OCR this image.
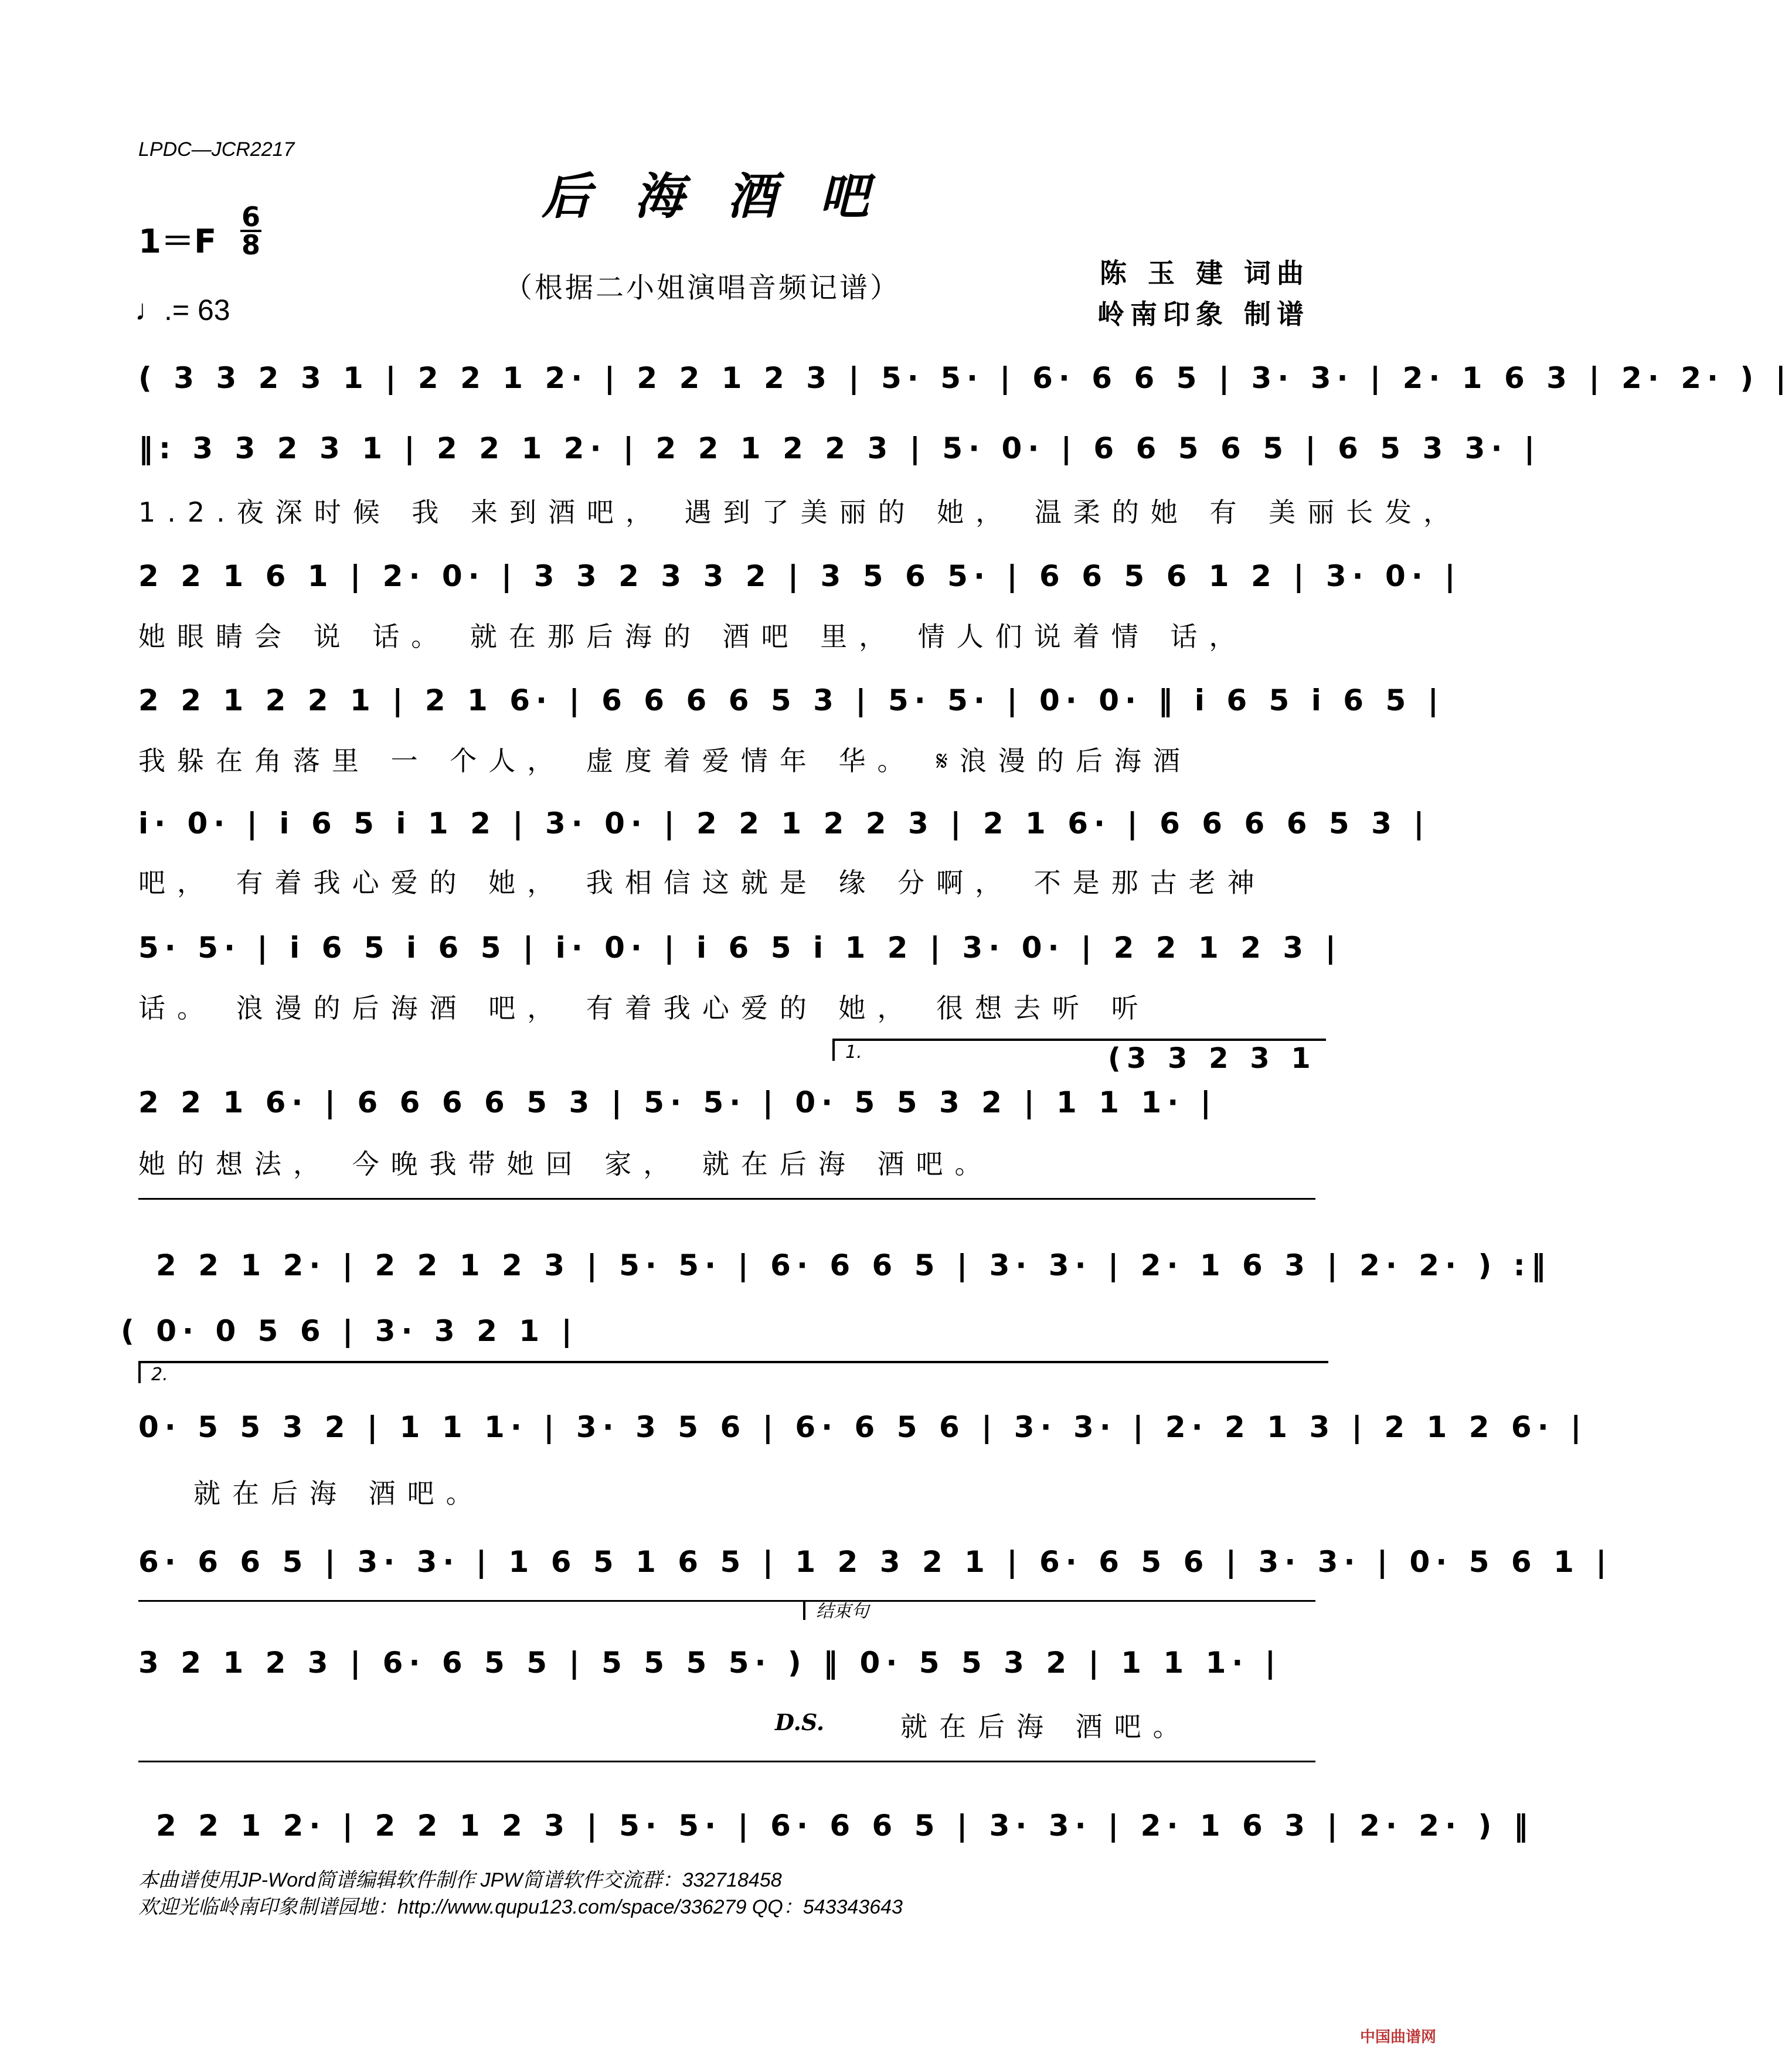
LPDC—JCR2217
后海酒吧
1＝F
6
8
♩.= 63
（根据二小姐演唱音频记谱）	陈 玉 建 词曲
岭南印象 制谱
( 3 3 2 3 1 | 2 2 1 2· | 2 2 1 2 3 | 5· 5· | 6· 6 6 5 | 3· 3· | 2· 1 6 3 | 2· 2· ) |
‖: 3 3 2 3 1 | 2 2 1 2· | 2 2 1 2 2 3 | 5· 0· | 6 6 5 6 5 | 6 5 3 3· |
1.2.夜深时候 我 来到酒吧， 遇到了美丽的 她， 温柔的她 有 美丽长发，
2 2 1 6 1 | 2· 0· | 3 3 2 3 3 2 | 3 5 6 5· | 6 6 5 6 1 2 | 3· 0· |
她眼睛会 说 话。 就在那后海的 酒吧 里， 情人们说着情 话，
2 2 1 2 2 1 | 2 1 6· | 6 6 6 6 5 3 | 5· 5· | 0· 0· ‖ i 6 5 i 6 5 |
我躲在角落里 一 个人， 虚度着爱情年 华。 𝄋浪漫的后海酒
i· 0· | i 6 5 i 1 2 | 3· 0· | 2 2 1 2 2 3 | 2 1 6· | 6 6 6 6 5 3 |
吧， 有着我心爱的 她， 我相信这就是 缘 分啊， 不是那古老神
5· 5· | i 6 5 i 6 5 | i· 0· | i 6 5 i 1 2 | 3· 0· | 2 2 1 2 3 |
话。 浪漫的后海酒 吧， 有着我心爱的 她， 很想去听 听
1.	(3 3 2 3 1
2 2 1 6· | 6 6 6 6 5 3 | 5· 5· | 0· 5 5 3 2 | 1 1 1· |
她的想法， 今晚我带她回 家， 就在后海 酒吧。
2 2 1 2· | 2 2 1 2 3 | 5· 5· | 6· 6 6 5 | 3· 3· | 2· 1 6 3 | 2· 2· ) :‖
( 0· 0 5 6 | 3· 3 2 1 |
2.
0· 5 5 3 2 | 1 1 1· | 3· 3 5 6 | 6· 6 5 6 | 3· 3· | 2· 2 1 3 | 2 1 2 6· |
就在后海 酒吧。
6· 6 6 5 | 3· 3· | 1 6 5 1 6 5 | 1 2 3 2 1 | 6· 6 5 6 | 3· 3· | 0· 5 6 1 |
结束句
3 2 1 2 3 | 6· 6 5 5 | 5 5 5 5· ) ‖ 0· 5 5 3 2 | 1 1 1· |
D.S.	就在后海 酒吧。
2 2 1 2· | 2 2 1 2 3 | 5· 5· | 6· 6 6 5 | 3· 3· | 2· 1 6 3 | 2· 2· ) ‖
本曲谱使用JP-Word简谱编辑软件制作 JPW简谱软件交流群：332718458
欢迎光临岭南印象制谱园地：http://www.qupu123.com/space/336279 QQ：543343643
中国曲谱网
